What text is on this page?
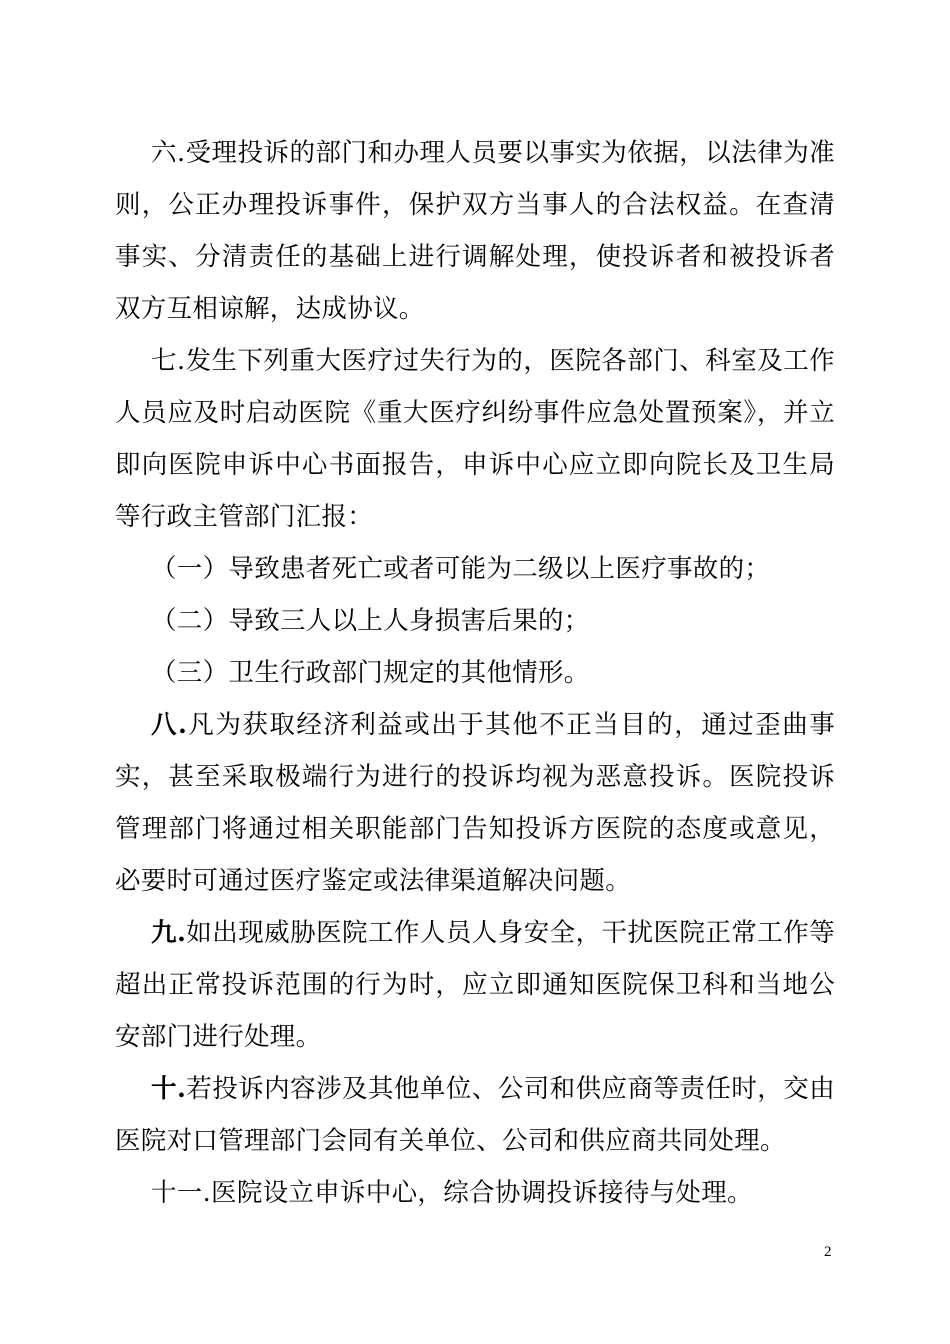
六.受理投诉的部门和办理人员要以事实为依据，以法律为准则，公正办理投诉事件，保护双方当事人的合法权益。在查清事实、分清责任的基础上进行调解处理，使投诉者和被投诉者双方互相谅解，达成协议。

七.发生下列重大医疗过失行为的，医院各部门、科室及工作人员应及时启动医院《重大医疗纠纷事件应急处置预案》，并立即向医院申诉中心书面报告，申诉中心应立即向院长及卫生局等行政主管部门汇报：

（一）导致患者死亡或者可能为二级以上医疗事故的；

（二）导致三人以上人身损害后果的；

（三）卫生行政部门规定的其他情形。

八.凡为获取经济利益或出于其他不正当目的，通过歪曲事实，甚至采取极端行为进行的投诉均视为恶意投诉。医院投诉管理部门将通过相关职能部门告知投诉方医院的态度或意见，必要时可通过医疗鉴定或法律渠道解决问题。

九.如出现威胁医院工作人员人身安全，干扰医院正常工作等超出正常投诉范围的行为时，应立即通知医院保卫科和当地公安部门进行处理。

十.若投诉内容涉及其他单位、公司和供应商等责任时，交由医院对口管理部门会同有关单位、公司和供应商共同处理。

十一.医院设立申诉中心，综合协调投诉接待与处理。

2
